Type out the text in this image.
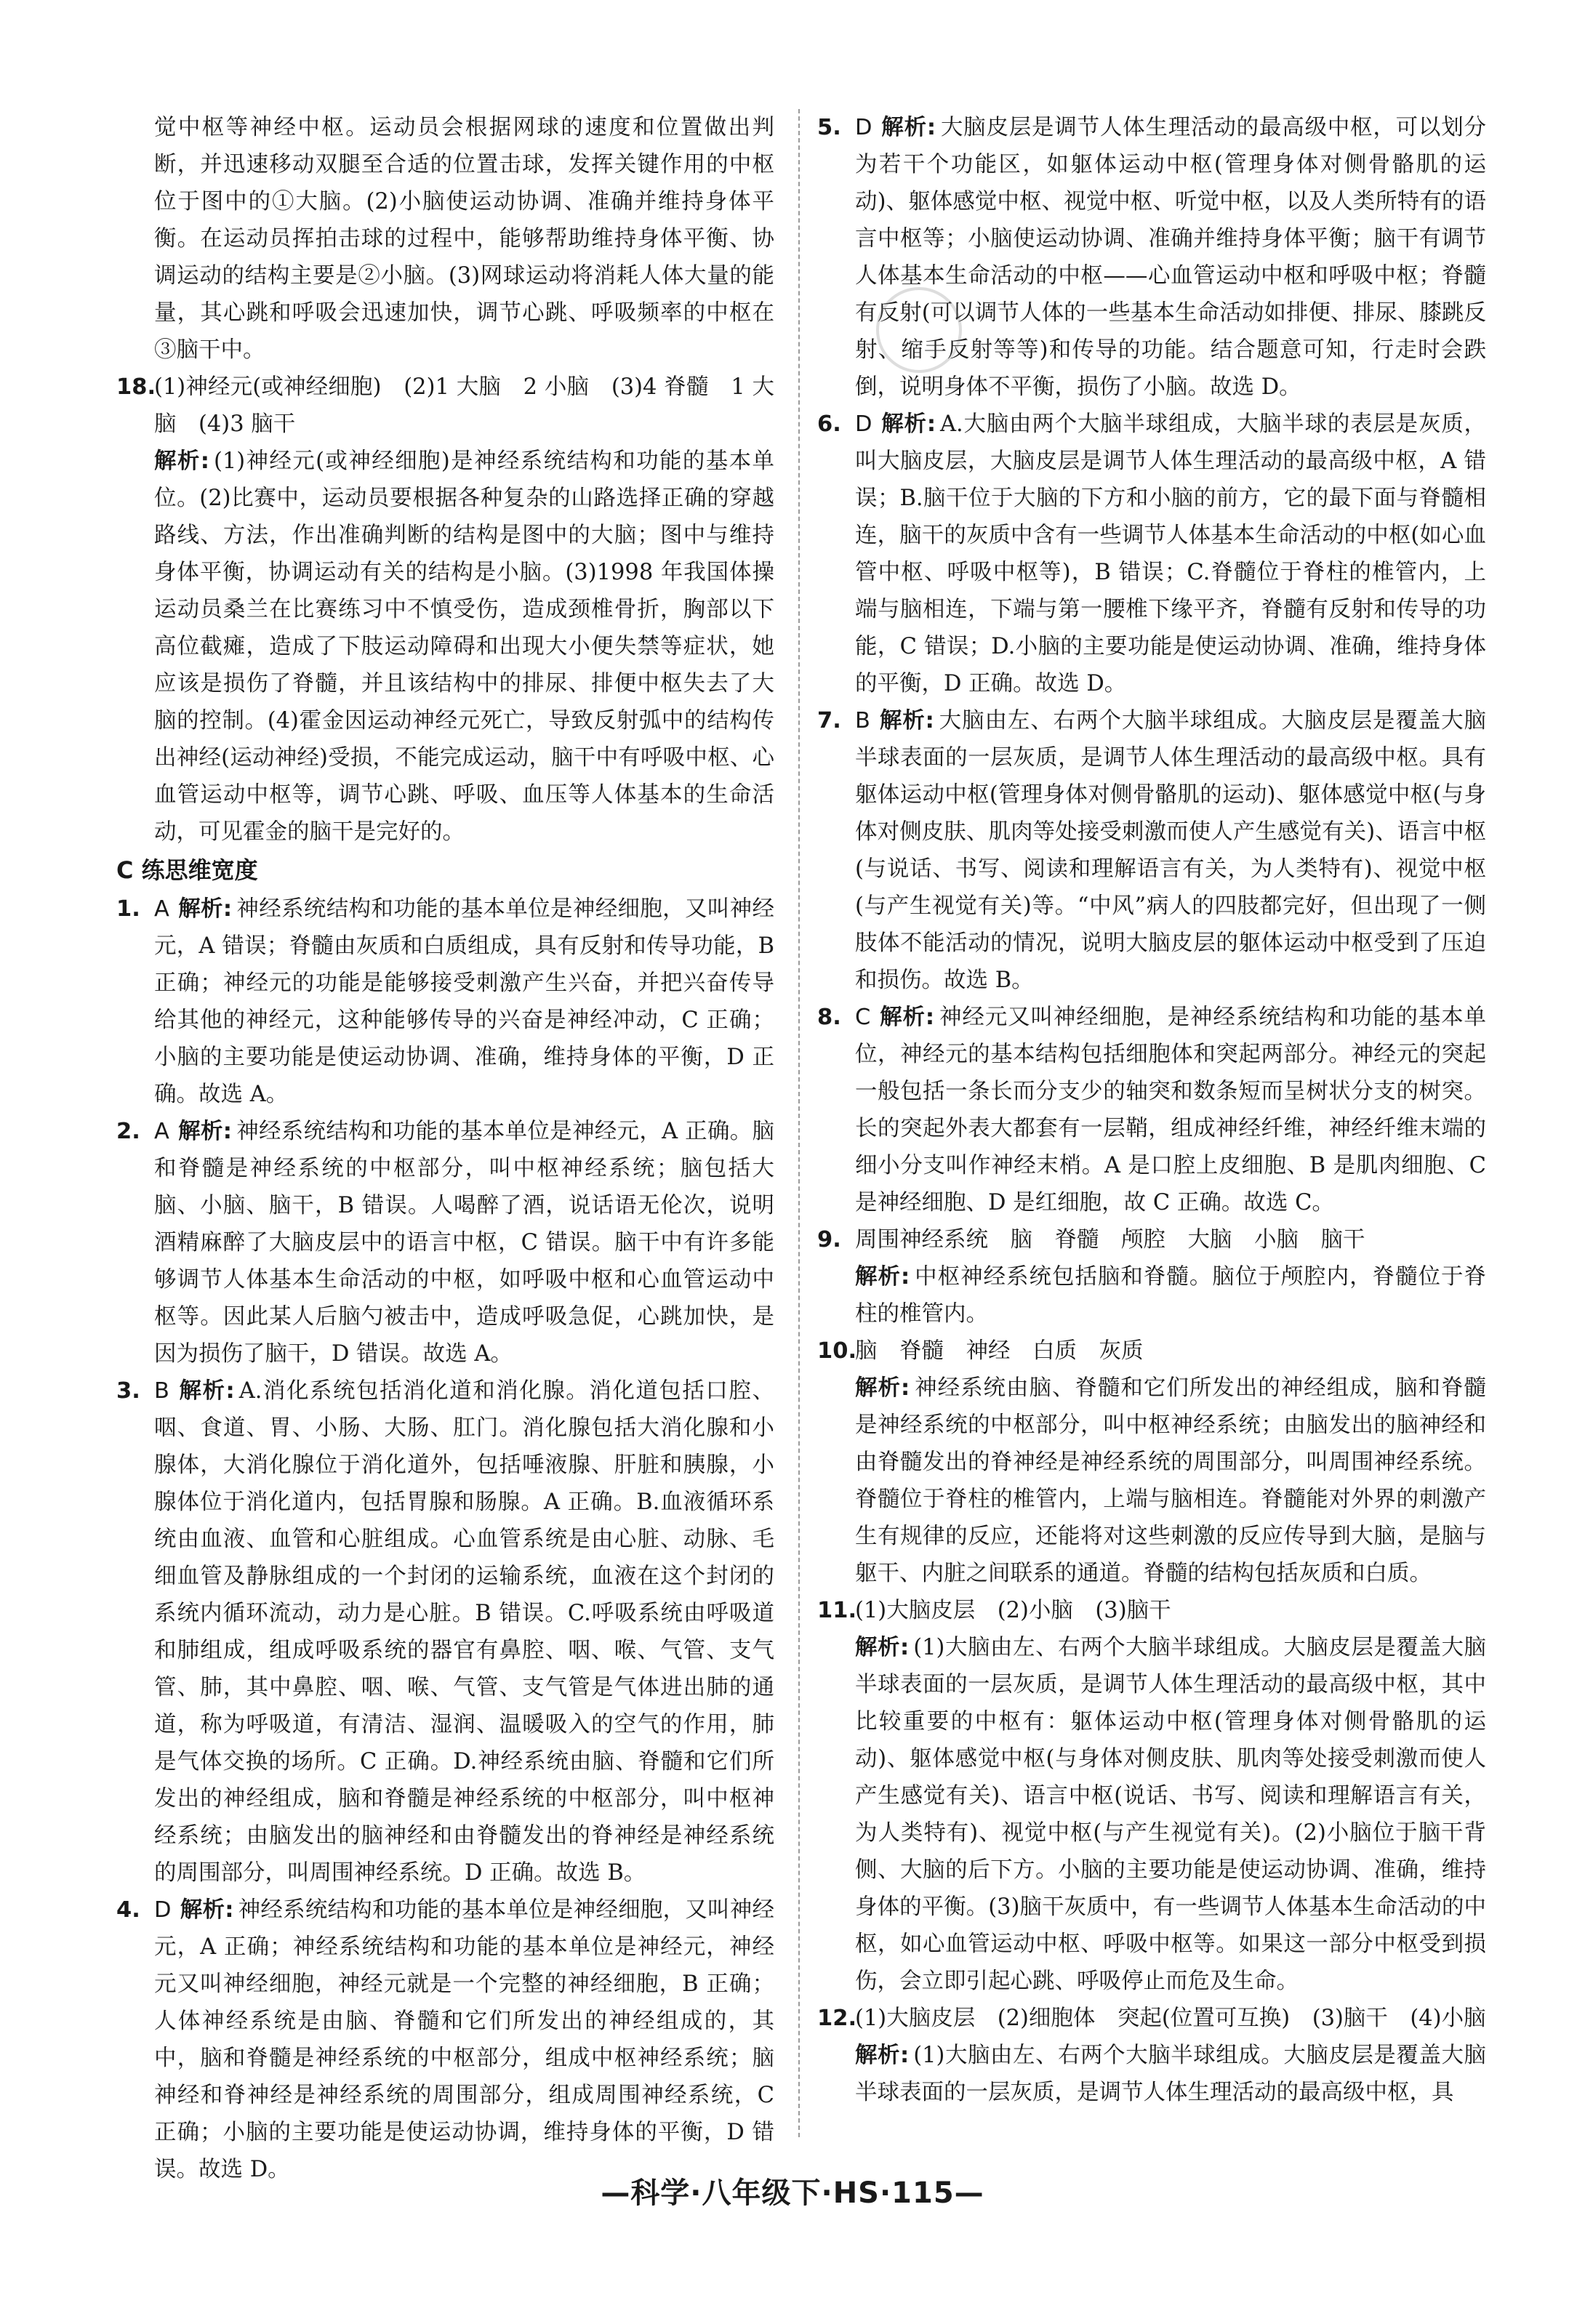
觉中枢等神经中枢。运动员会根据网球的速度和位置做出判断，并迅速移动双腿至合适的位置击球，发挥关键作用的中枢位于图中的①大脑。(2)小脑使运动协调、准确并维持身体平衡。在运动员挥拍击球的过程中，能够帮助维持身体平衡、协调运动的结构主要是②小脑。(3)网球运动将消耗人体大量的能量，其心跳和呼吸会迅速加快，调节心跳、呼吸频率的中枢在③脑干中。

18.

(1)神经元(或神经细胞)　(2)1 大脑　2 小脑　(3)4 脊髓　1 大脑　(4)3 脑干

解析: (1)神经元(或神经细胞)是神经系统结构和功能的基本单位。(2)比赛中，运动员要根据各种复杂的山路选择正确的穿越路线、方法，作出准确判断的结构是图中的大脑；图中与维持身体平衡，协调运动有关的结构是小脑。(3)1998 年我国体操运动员桑兰在比赛练习中不慎受伤，造成颈椎骨折，胸部以下高位截瘫，造成了下肢运动障碍和出现大小便失禁等症状，她应该是损伤了脊髓，并且该结构中的排尿、排便中枢失去了大脑的控制。(4)霍金因运动神经元死亡，导致反射弧中的结构传出神经(运动神经)受损，不能完成运动，脑干中有呼吸中枢、心血管运动中枢等，调节心跳、呼吸、血压等人体基本的生命活动，可见霍金的脑干是完好的。

C 练思维宽度
1. A 解析: 神经系统结构和功能的基本单位是神经细胞，又叫神经元，A 错误；脊髓由灰质和白质组成，具有反射和传导功能，B 正确；神经元的功能是能够接受刺激产生兴奋，并把兴奋传导给其他的神经元，这种能够传导的兴奋是神经冲动，C 正确；小脑的主要功能是使运动协调、准确，维持身体的平衡，D 正确。故选 A。

2. A 解析: 神经系统结构和功能的基本单位是神经元，A 正确。脑和脊髓是神经系统的中枢部分，叫中枢神经系统；脑包括大脑、小脑、脑干，B 错误。人喝醉了酒，说话语无伦次，说明酒精麻醉了大脑皮层中的语言中枢，C 错误。脑干中有许多能够调节人体基本生命活动的中枢，如呼吸中枢和心血管运动中枢等。因此某人后脑勺被击中，造成呼吸急促，心跳加快，是因为损伤了脑干，D 错误。故选 A。

3. B 解析: A.消化系统包括消化道和消化腺。消化道包括口腔、咽、食道、胃、小肠、大肠、肛门。消化腺包括大消化腺和小腺体，大消化腺位于消化道外，包括唾液腺、肝脏和胰腺，小腺体位于消化道内，包括胃腺和肠腺。A 正确。B.血液循环系统由血液、血管和心脏组成。心血管系统是由心脏、动脉、毛细血管及静脉组成的一个封闭的运输系统，血液在这个封闭的系统内循环流动，动力是心脏。B 错误。C.呼吸系统由呼吸道和肺组成，组成呼吸系统的器官有鼻腔、咽、喉、气管、支气管、肺，其中鼻腔、咽、喉、气管、支气管是气体进出肺的通道，称为呼吸道，有清洁、湿润、温暖吸入的空气的作用，肺是气体交换的场所。C 正确。D.神经系统由脑、脊髓和它们所发出的神经组成，脑和脊髓是神经系统的中枢部分，叫中枢神经系统；由脑发出的脑神经和由脊髓发出的脊神经是神经系统的周围部分，叫周围神经系统。D 正确。故选 B。

4. D 解析: 神经系统结构和功能的基本单位是神经细胞，又叫神经元，A 正确；神经系统结构和功能的基本单位是神经元，神经元又叫神经细胞，神经元就是一个完整的神经细胞，B 正确；人体神经系统是由脑、脊髓和它们所发出的神经组成的，其中，脑和脊髓是神经系统的中枢部分，组成中枢神经系统；脑神经和脊神经是神经系统的周围部分，组成周围神经系统，C 正确；小脑的主要功能是使运动协调，维持身体的平衡，D 错误。故选 D。

5. D 解析: 大脑皮层是调节人体生理活动的最高级中枢，可以划分为若干个功能区，如躯体运动中枢(管理身体对侧骨骼肌的运动)、躯体感觉中枢、视觉中枢、听觉中枢，以及人类所特有的语言中枢等；小脑使运动协调、准确并维持身体平衡；脑干有调节人体基本生命活动的中枢——心血管运动中枢和呼吸中枢；脊髓有反射(可以调节人体的一些基本生命活动如排便、排尿、膝跳反射、缩手反射等等)和传导的功能。结合题意可知，行走时会跌倒，说明身体不平衡，损伤了小脑。故选 D。

6. D 解析: A.大脑由两个大脑半球组成，大脑半球的表层是灰质，叫大脑皮层，大脑皮层是调节人体生理活动的最高级中枢，A 错误；B.脑干位于大脑的下方和小脑的前方，它的最下面与脊髓相连，脑干的灰质中含有一些调节人体基本生命活动的中枢(如心血管中枢、呼吸中枢等)，B 错误；C.脊髓位于脊柱的椎管内，上端与脑相连，下端与第一腰椎下缘平齐，脊髓有反射和传导的功能，C 错误；D.小脑的主要功能是使运动协调、准确，维持身体的平衡，D 正确。故选 D。

7. B 解析: 大脑由左、右两个大脑半球组成。大脑皮层是覆盖大脑半球表面的一层灰质，是调节人体生理活动的最高级中枢。具有躯体运动中枢(管理身体对侧骨骼肌的运动)、躯体感觉中枢(与身体对侧皮肤、肌肉等处接受刺激而使人产生感觉有关)、语言中枢(与说话、书写、阅读和理解语言有关，为人类特有)、视觉中枢(与产生视觉有关)等。“中风”病人的四肢都完好，但出现了一侧肢体不能活动的情况，说明大脑皮层的躯体运动中枢受到了压迫和损伤。故选 B。

8. C 解析: 神经元又叫神经细胞，是神经系统结构和功能的基本单位，神经元的基本结构包括细胞体和突起两部分。神经元的突起一般包括一条长而分支少的轴突和数条短而呈树状分支的树突。长的突起外表大都套有一层鞘，组成神经纤维，神经纤维末端的细小分支叫作神经末梢。A 是口腔上皮细胞、B 是肌肉细胞、C 是神经细胞、D 是红细胞，故 C 正确。故选 C。

9. 周围神经系统　脑　脊髓　颅腔　大脑　小脑　脑干

解析: 中枢神经系统包括脑和脊髓。脑位于颅腔内，脊髓位于脊柱的椎管内。

10.

脑　脊髓　神经　白质　灰质

解析: 神经系统由脑、脊髓和它们所发出的神经组成，脑和脊髓是神经系统的中枢部分，叫中枢神经系统；由脑发出的脑神经和由脊髓发出的脊神经是神经系统的周围部分，叫周围神经系统。脊髓位于脊柱的椎管内，上端与脑相连。脊髓能对外界的刺激产生有规律的反应，还能将对这些刺激的反应传导到大脑，是脑与躯干、内脏之间联系的通道。脊髓的结构包括灰质和白质。

11.

(1)大脑皮层　(2)小脑　(3)脑干

解析: (1)大脑由左、右两个大脑半球组成。大脑皮层是覆盖大脑半球表面的一层灰质，是调节人体生理活动的最高级中枢，其中比较重要的中枢有：躯体运动中枢(管理身体对侧骨骼肌的运动)、躯体感觉中枢(与身体对侧皮肤、肌肉等处接受刺激而使人产生感觉有关)、语言中枢(说话、书写、阅读和理解语言有关，为人类特有)、视觉中枢(与产生视觉有关)。(2)小脑位于脑干背侧、大脑的后下方。小脑的主要功能是使运动协调、准确，维持身体的平衡。(3)脑干灰质中，有一些调节人体基本生命活动的中枢，如心血管运动中枢、呼吸中枢等。如果这一部分中枢受到损伤，会立即引起心跳、呼吸停止而危及生命。

12.

(1)大脑皮层　(2)细胞体　突起(位置可互换)　(3)脑干　(4)小脑

解析: (1)大脑由左、右两个大脑半球组成。大脑皮层是覆盖大脑半球表面的一层灰质，是调节人体生理活动的最高级中枢，具

—科学·八年级下·HS·115—
